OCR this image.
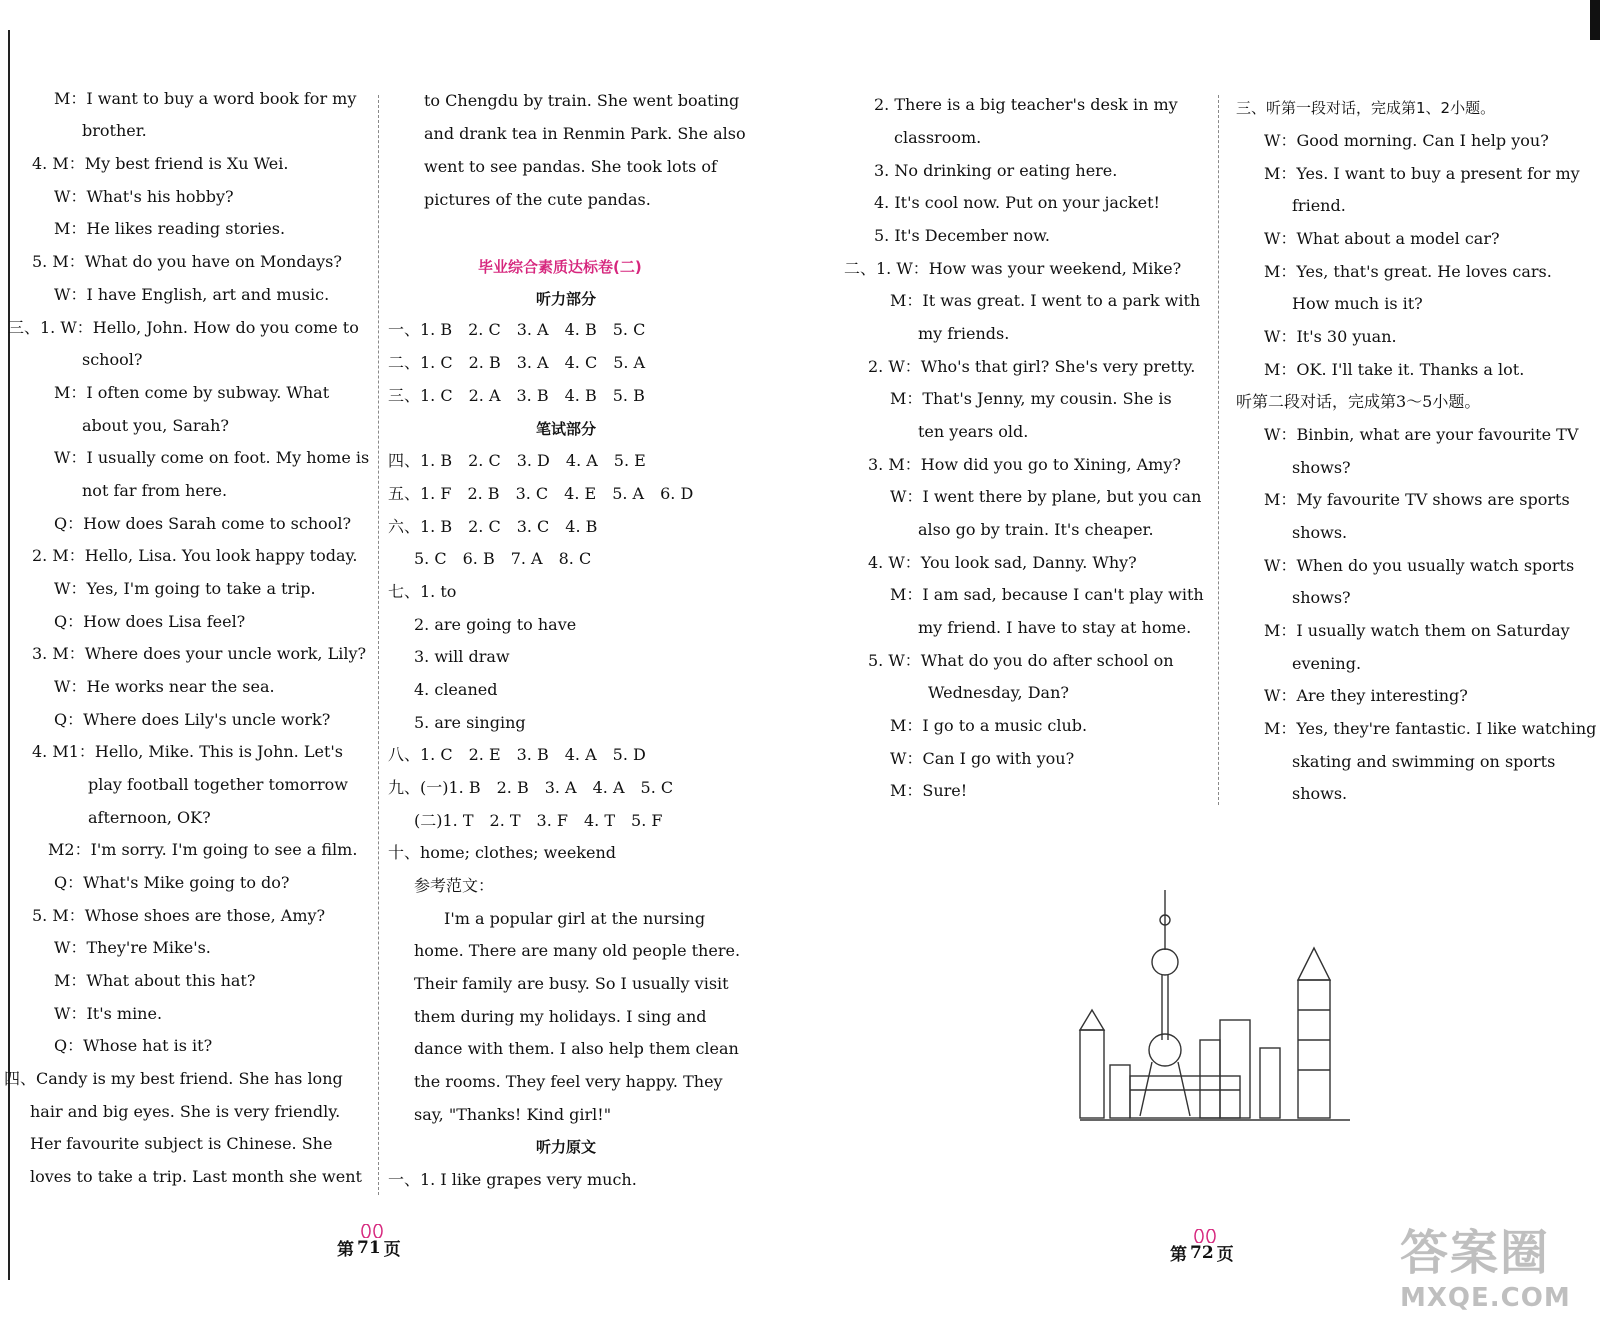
M：I want to buy a word book for my
brother.
4. M：My best friend is Xu Wei.
W：What's his hobby?
M：He likes reading stories.
5. M：What do you have on Mondays?
W：I have English, art and music.
三、1. W：Hello, John. How do you come to
school?
M：I often come by subway. What
about you, Sarah?
W：I usually come on foot. My home is
not far from here.
Q：How does Sarah come to school?
2. M：Hello, Lisa. You look happy today.
W：Yes, I'm going to take a trip.
Q：How does Lisa feel?
3. M：Where does your uncle work, Lily?
W：He works near the sea.
Q：Where does Lily's uncle work?
4. M1：Hello, Mike. This is John. Let's
play football together tomorrow
afternoon, OK?
M2：I'm sorry. I'm going to see a film.
Q：What's Mike going to do?
5. M：Whose shoes are those, Amy?
W：They're Mike's.
M：What about this hat?
W：It's mine.
Q：Whose hat is it?
四、Candy is my best friend. She has long
hair and big eyes. She is very friendly.
Her favourite subject is Chinese. She
loves to take a trip. Last month she went
to Chengdu by train. She went boating
and drank tea in Renmin Park. She also
went to see pandas. She took lots of
pictures of the cute pandas.
毕业综合素质达标卷(二)
听力部分
一、1. B　2. C　3. A　4. B　5. C
二、1. C　2. B　3. A　4. C　5. A
三、1. C　2. A　3. B　4. B　5. B
笔试部分
四、1. B　2. C　3. D　4. A　5. E
五、1. F　2. B　3. C　4. E　5. A　6. D
六、1. B　2. C　3. C　4. B
5. C　6. B　7. A　8. C
七、1. to
2. are going to have
3. will draw
4. cleaned
5. are singing
八、1. C　2. E　3. B　4. A　5. D
九、(一)1. B　2. B　3. A　4. A　5. C
(二)1. T　2. T　3. F　4. T　5. F
十、home; clothes; weekend
参考范文：
I'm a popular girl at the nursing
home. There are many old people there.
Their family are busy. So I usually visit
them during my holidays. I sing and
dance with them. I also help them clean
the rooms. They feel very happy. They
say, "Thanks! Kind girl!"
听力原文
一、1. I like grapes very much.
2. There is a big teacher's desk in my
classroom.
3. No drinking or eating here.
4. It's cool now. Put on your jacket!
5. It's December now.
二、1. W：How was your weekend, Mike?
M：It was great. I went to a park with
my friends.
2. W：Who's that girl? She's very pretty.
M：That's Jenny, my cousin. She is
ten years old.
3. M：How did you go to Xining, Amy?
W：I went there by plane, but you can
also go by train. It's cheaper.
4. W：You look sad, Danny. Why?
M：I am sad, because I can't play with
my friend. I have to stay at home.
5. W：What do you do after school on
Wednesday, Dan?
M：I go to a music club.
W：Can I go with you?
M：Sure!
三、听第一段对话，完成第1、2小题。
W：Good morning. Can I help you?
M：Yes. I want to buy a present for my
friend.
W：What about a model car?
M：Yes, that's great. He loves cars.
How much is it?
W：It's 30 yuan.
M：OK. I'll take it. Thanks a lot.
听第二段对话，完成第3～5小题。
W：Binbin, what are your favourite TV
shows?
M：My favourite TV shows are sports
shows.
W：When do you usually watch sports
shows?
M：I usually watch them on Saturday
evening.
W：Are they interesting?
M：Yes, they're fantastic. I like watching
skating and swimming on sports
shows.
第 71 页	第 72 页	答案圈
MXQE.COM
